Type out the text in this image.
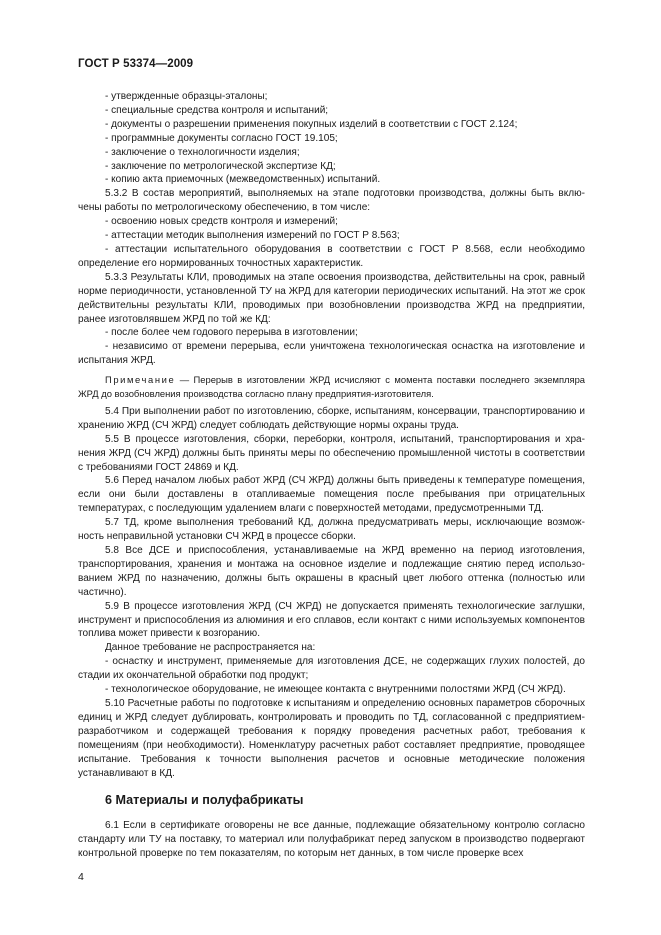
ГОСТ Р 53374—2009

- утвержденные образцы-эталоны;

- специальные средства контроля и испытаний;

- документы о разрешении применения покупных изделий в соответствии с ГОСТ 2.124;

- программные документы согласно ГОСТ 19.105;

- заключение о технологичности изделия;

- заключение по метрологической экспертизе КД;

- копию акта приемочных (межведомственных) испытаний.

5.3.2 В состав мероприятий, выполняемых на этапе подготовки производства, должны быть включены работы по метрологическому обеспечению, в том числе:

- освоению новых средств контроля и измерений;

- аттестации методик выполнения измерений по ГОСТ Р 8.563;

- аттестации испытательного оборудования в соответствии с ГОСТ Р 8.568, если необходимо определение его нормированных точностных характеристик.

5.3.3 Результаты КЛИ, проводимых на этапе освоения производства, действительны на срок, равный норме периодичности, установленной ТУ на ЖРД для категории периодических испытаний. На этот же срок действительны результаты КЛИ, проводимых при возобновлении производства ЖРД на предприятии, ранее изготовлявшем ЖРД по той же КД:

- после более чем годового перерыва в изготовлении;

- независимо от времени перерыва, если уничтожена технологическая оснастка на изготовление и испытания ЖРД.

Примечание — Перерыв в изготовлении ЖРД исчисляют с момента поставки последнего экземпляра ЖРД до возобновления производства согласно плану предприятия-изготовителя.

5.4 При выполнении работ по изготовлению, сборке, испытаниям, консервации, транспортированию и хранению ЖРД (СЧ ЖРД) следует соблюдать действующие нормы охраны труда.

5.5 В процессе изготовления, сборки, переборки, контроля, испытаний, транспортирования и хранения ЖРД (СЧ ЖРД) должны быть приняты меры по обеспечению промышленной чистоты в соответствии с требованиями ГОСТ 24869 и КД.

5.6 Перед началом любых работ ЖРД (СЧ ЖРД) должны быть приведены к температуре помещения, если они были доставлены в отапливаемые помещения после пребывания при отрицательных температурах, с последующим удалением влаги с поверхностей методами, предусмотренными ТД.

5.7 ТД, кроме выполнения требований КД, должна предусматривать меры, исключающие возможность неправильной установки СЧ ЖРД в процессе сборки.

5.8 Все ДСЕ и приспособления, устанавливаемые на ЖРД временно на период изготовления, транспортирования, хранения и монтажа на основное изделие и подлежащие снятию перед использованием ЖРД по назначению, должны быть окрашены в красный цвет любого оттенка (полностью или частично).

5.9 В процессе изготовления ЖРД (СЧ ЖРД) не допускается применять технологические заглушки, инструмент и приспособления из алюминия и его сплавов, если контакт с ними используемых компонентов топлива может привести к возгоранию.

Данное требование не распространяется на:

- оснастку и инструмент, применяемые для изготовления ДСЕ, не содержащих глухих полостей, до стадии их окончательной обработки под продукт;

- технологическое оборудование, не имеющее контакта с внутренними полостями ЖРД (СЧ ЖРД).

5.10 Расчетные работы по подготовке к испытаниям и определению основных параметров сборочных единиц и ЖРД следует дублировать, контролировать и проводить по ТД, согласованной с предприятием-разработчиком и содержащей требования к порядку проведения расчетных работ, требования к помещениям (при необходимости). Номенклатуру расчетных работ составляет предприятие, проводящее испытание. Требования к точности выполнения расчетов и основные методические положения устанавливают в КД.

6 Материалы и полуфабрикаты

6.1 Если в сертификате оговорены не все данные, подлежащие обязательному контролю согласно стандарту или ТУ на поставку, то материал или полуфабрикат перед запуском в производство подвергают контрольной проверке по тем показателям, по которым нет данных, в том числе проверке всех

4
